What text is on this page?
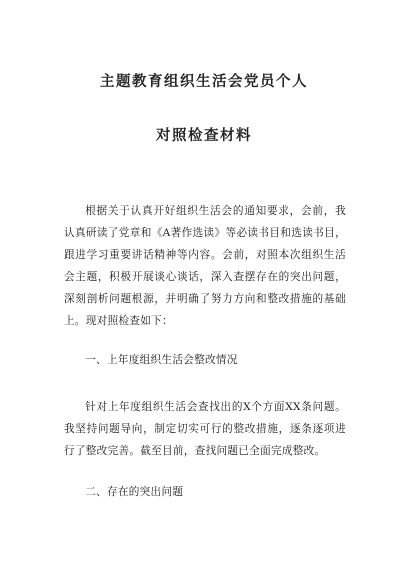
主题教育组织生活会党员个人
对照检查材料
根据关于认真开好组织生活会的通知要求，会前，我认真研读了党章和《A著作选读》等必读书目和选读书目，跟进学习重要讲话精神等内容。会前，对照本次组织生活会主题，积极开展谈心谈话，深入查摆存在的突出问题，深刻剖析问题根源，并明确了努力方向和整改措施的基础上。现对照检查如下：
一、上年度组织生活会整改情况
针对上年度组织生活会查找出的X个方面XX条问题。我坚持问题导向，制定切实可行的整改措施，逐条逐项进行了整改完善。截至目前，查找问题已全面完成整改。
二、存在的突出问题
